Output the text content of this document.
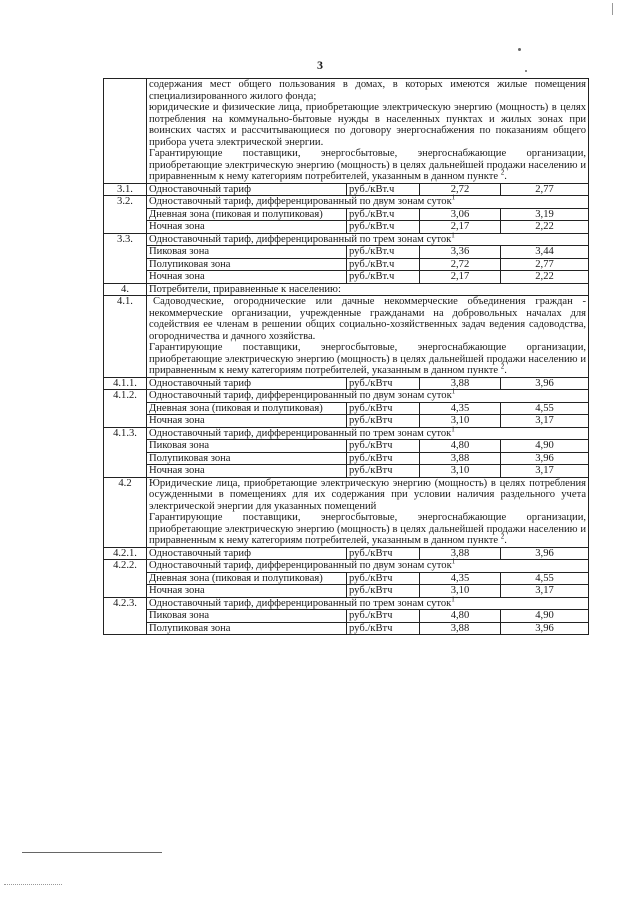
3

	содержания мест общего пользования в домах, в которых имеются жилые помещения специализированного жилого фонда;
юридические и физические лица, приобретающие электрическую энергию (мощность) в целях потребления на коммунально-бытовые нужды в населенных пунктах и жилых зонах при воинских частях и рассчитывающиеся по договору энергоснабжения по показаниям общего прибора учета электрической энергии.
Гарантирующие поставщики, энергосбытовые, энергоснабжающие организации, приобретающие электрическую энергию (мощность) в целях дальнейшей продажи населению и приравненным к нему категориям потребителей, указанным в данном пункте $^2$.			

3.1.	Одноставочный тариф	руб./кВт.ч	2,72	2,77
3.2.	Одноставочный тариф, дифференцированный по двум зонам суток$^1$
	Дневная зона (пиковая и полупиковая)	руб./кВт.ч	3,06	3,19
	Ночная зона	руб./кВт.ч	2,17	2,22
3.3.	Одноставочный тариф, дифференцированный по трем зонам суток$^1$
	Пиковая зона	руб./кВт.ч	3,36	3,44
	Полупиковая зона	руб./кВт.ч	2,72	2,77
	Ночная зона	руб./кВт.ч	2,17	2,22
4.	Потребители, приравненные к населению:			
4.1.	Садоводческие, огороднические или дачные некоммерческие объединения граждан - некоммерческие организации, учрежденные гражданами на добровольных началах для содействия ее членам в решении общих социально-хозяйственных задач ведения садоводства, огородничества и дачного хозяйства.
Гарантирующие поставщики, энергосбытовые, энергоснабжающие организации, приобретающие электрическую энергию (мощность) в целях дальнейшей продажи населению и приравненным к нему категориям потребителей, указанным в данном пункте $^2$.			

4.1.1.	Одноставочный тариф	руб./кВтч	3,88	3,96
4.1.2.	Одноставочный тариф, дифференцированный по двум зонам суток$^1$
	Дневная зона (пиковая и полупиковая)	руб./кВтч	4,35	4,55
	Ночная зона	руб./кВтч	3,10	3,17
4.1.3.	Одноставочный тариф, дифференцированный по трем зонам суток$^1$
	Пиковая зона	руб./кВтч	4,80	4,90
	Полупиковая зона	руб./кВтч	3,88	3,96
	Ночная зона	руб./кВтч	3,10	3,17
4.2	Юридические лица, приобретающие электрическую энергию (мощность) в целях потребления осужденными в помещениях для их содержания при условии наличия раздельного учета электрической энергии для указанных помещений
Гарантирующие поставщики, энергосбытовые, энергоснабжающие организации, приобретающие электрическую энергию (мощность) в целях дальнейшей продажи населению и приравненным к нему категориям потребителей, указанным в данном пункте $^2$.			

4.2.1.	Одноставочный тариф	руб./кВтч	3,88	3,96
4.2.2.	Одноставочный тариф, дифференцированный по двум зонам суток$^1$
	Дневная зона (пиковая и полупиковая)	руб./кВтч	4,35	4,55
	Ночная зона	руб./кВтч	3,10	3,17
4.2.3.	Одноставочный тариф, дифференцированный по трем зонам суток$^1$
	Пиковая зона	руб./кВтч	4,80	4,90
	Полупиковая зона	руб./кВтч	3,88	3,96
